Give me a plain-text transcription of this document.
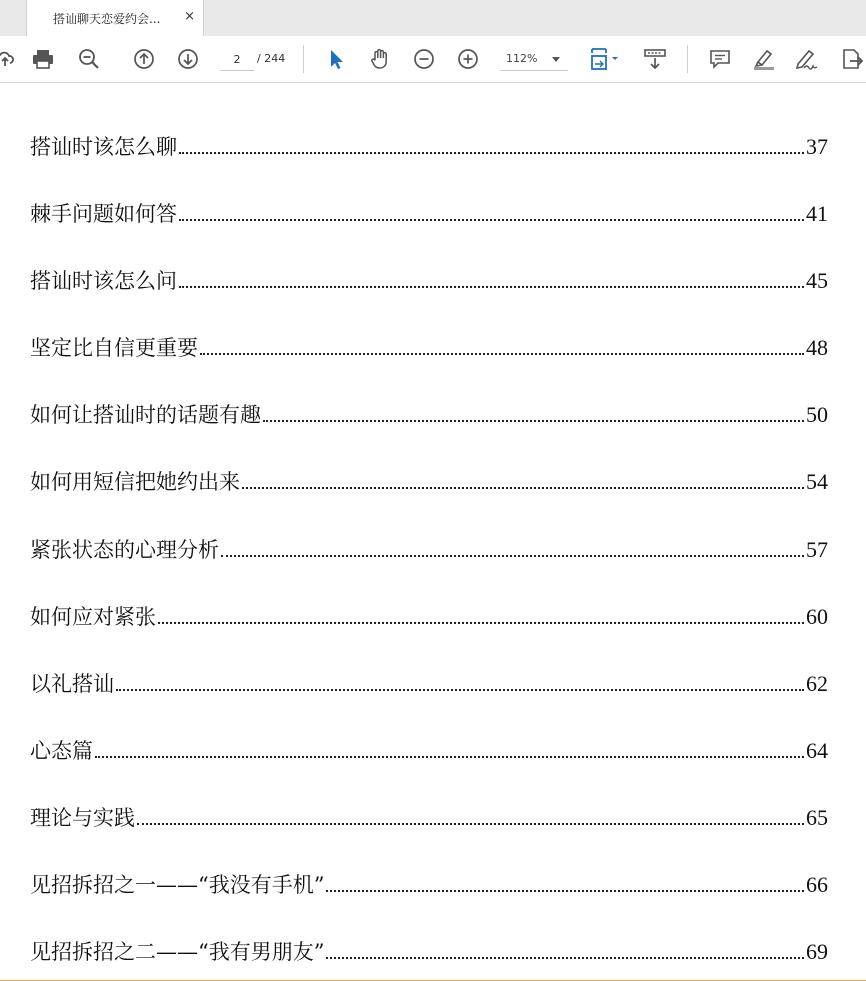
搭讪聊天恋爱约会... ×
2
/ 244	112%
搭讪时该怎么聊	37
棘手问题如何答	41
搭讪时该怎么问	45
坚定比自信更重要	48
如何让搭讪时的话题有趣	50
如何用短信把她约出来	54
紧张状态的心理分析	57
如何应对紧张	60
以礼搭讪	62
心态篇	64
理论与实践	65
见招拆招之一——“我没有手机”	66
见招拆招之二——“我有男朋友”	69
